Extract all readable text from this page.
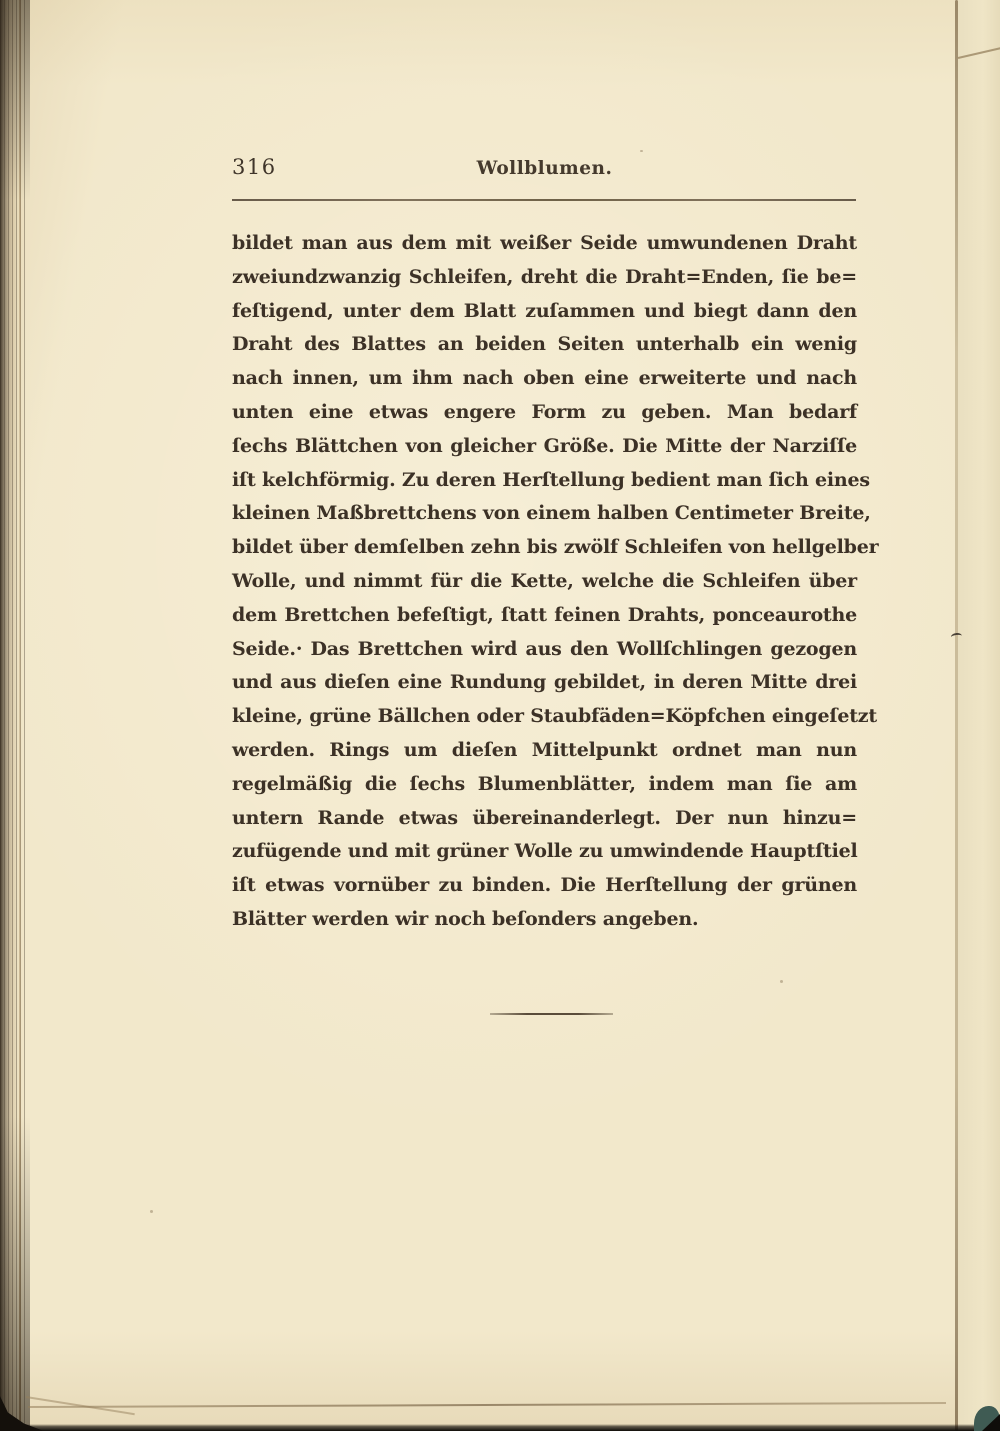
316	Wollblumen.
bildet man aus dem mit weißer Seide umwundenen Draht
zweiundzwanzig Schleifen, dreht die Draht=Enden, ſie be=
feſtigend, unter dem Blatt zuſammen und biegt dann den
Draht des Blattes an beiden Seiten unterhalb ein wenig
nach innen, um ihm nach oben eine erweiterte und nach
unten eine etwas engere Form zu geben. Man bedarf
ſechs Blättchen von gleicher Größe. Die Mitte der Narziſſe
iſt kelchförmig. Zu deren Herſtellung bedient man ſich eines
kleinen Maßbrettchens von einem halben Centimeter Breite,
bildet über demſelben zehn bis zwölf Schleifen von hellgelber
Wolle, und nimmt für die Kette, welche die Schleifen über
dem Brettchen befeſtigt, ſtatt feinen Drahts, ponceaurothe
Seide.· Das Brettchen wird aus den Wollſchlingen gezogen
und aus dieſen eine Rundung gebildet, in deren Mitte drei
kleine, grüne Bällchen oder Staubfäden=Köpfchen eingeſetzt
werden. Rings um dieſen Mittelpunkt ordnet man nun
regelmäßig die ſechs Blumenblätter, indem man ſie am
untern Rande etwas übereinanderlegt. Der nun hinzu=
zufügende und mit grüner Wolle zu umwindende Hauptſtiel
iſt etwas vornüber zu binden. Die Herſtellung der grünen
Blätter werden wir noch beſonders angeben.
